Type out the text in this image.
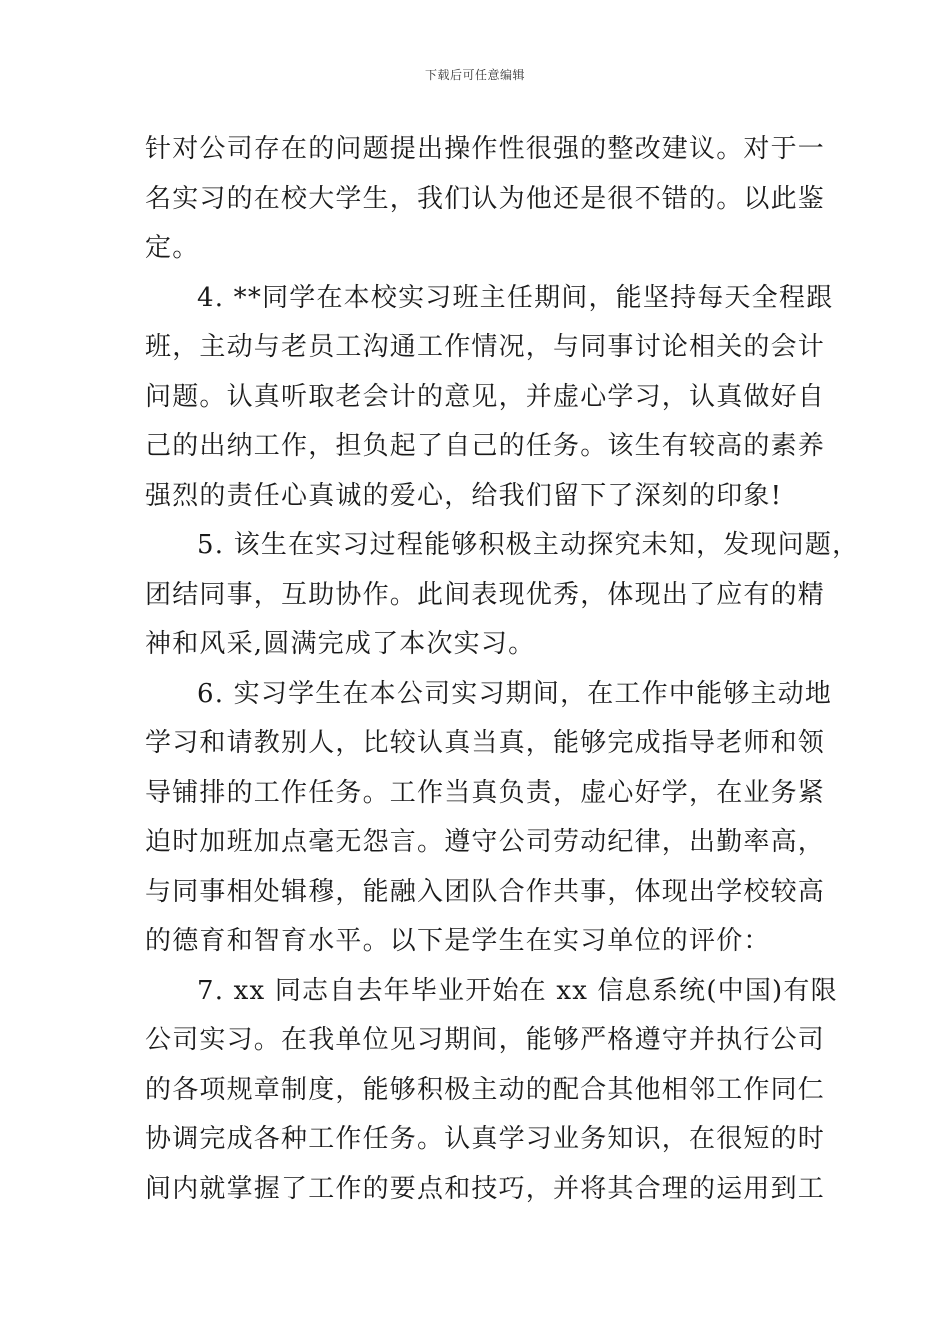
下载后可任意编辑
针对公司存在的问题提出操作性很强的整改建议。对于一
名实习的在校大学生，我们认为他还是很不错的。以此鉴
定。
4. **同学在本校实习班主任期间，能坚持每天全程跟
班，主动与老员工沟通工作情况，与同事讨论相关的会计
问题。认真听取老会计的意见，并虚心学习，认真做好自
己的出纳工作，担负起了自己的任务。该生有较高的素养
强烈的责任心真诚的爱心，给我们留下了深刻的印象!
5. 该生在实习过程能够积极主动探究未知，发现问题，
团结同事，互助协作。此间表现优秀，体现出了应有的精
神和风采,圆满完成了本次实习。
6. 实习学生在本公司实习期间，在工作中能够主动地
学习和请教别人，比较认真当真，能够完成指导老师和领
导铺排的工作任务。工作当真负责，虚心好学，在业务紧
迫时加班加点毫无怨言。遵守公司劳动纪律，出勤率高，
与同事相处辑穆，能融入团队合作共事，体现出学校较高
的德育和智育水平。以下是学生在实习单位的评价：
7. xx 同志自去年毕业开始在 xx 信息系统(中国)有限
公司实习。在我单位见习期间，能够严格遵守并执行公司
的各项规章制度，能够积极主动的配合其他相邻工作同仁
协调完成各种工作任务。认真学习业务知识，在很短的时
间内就掌握了工作的要点和技巧，并将其合理的运用到工
